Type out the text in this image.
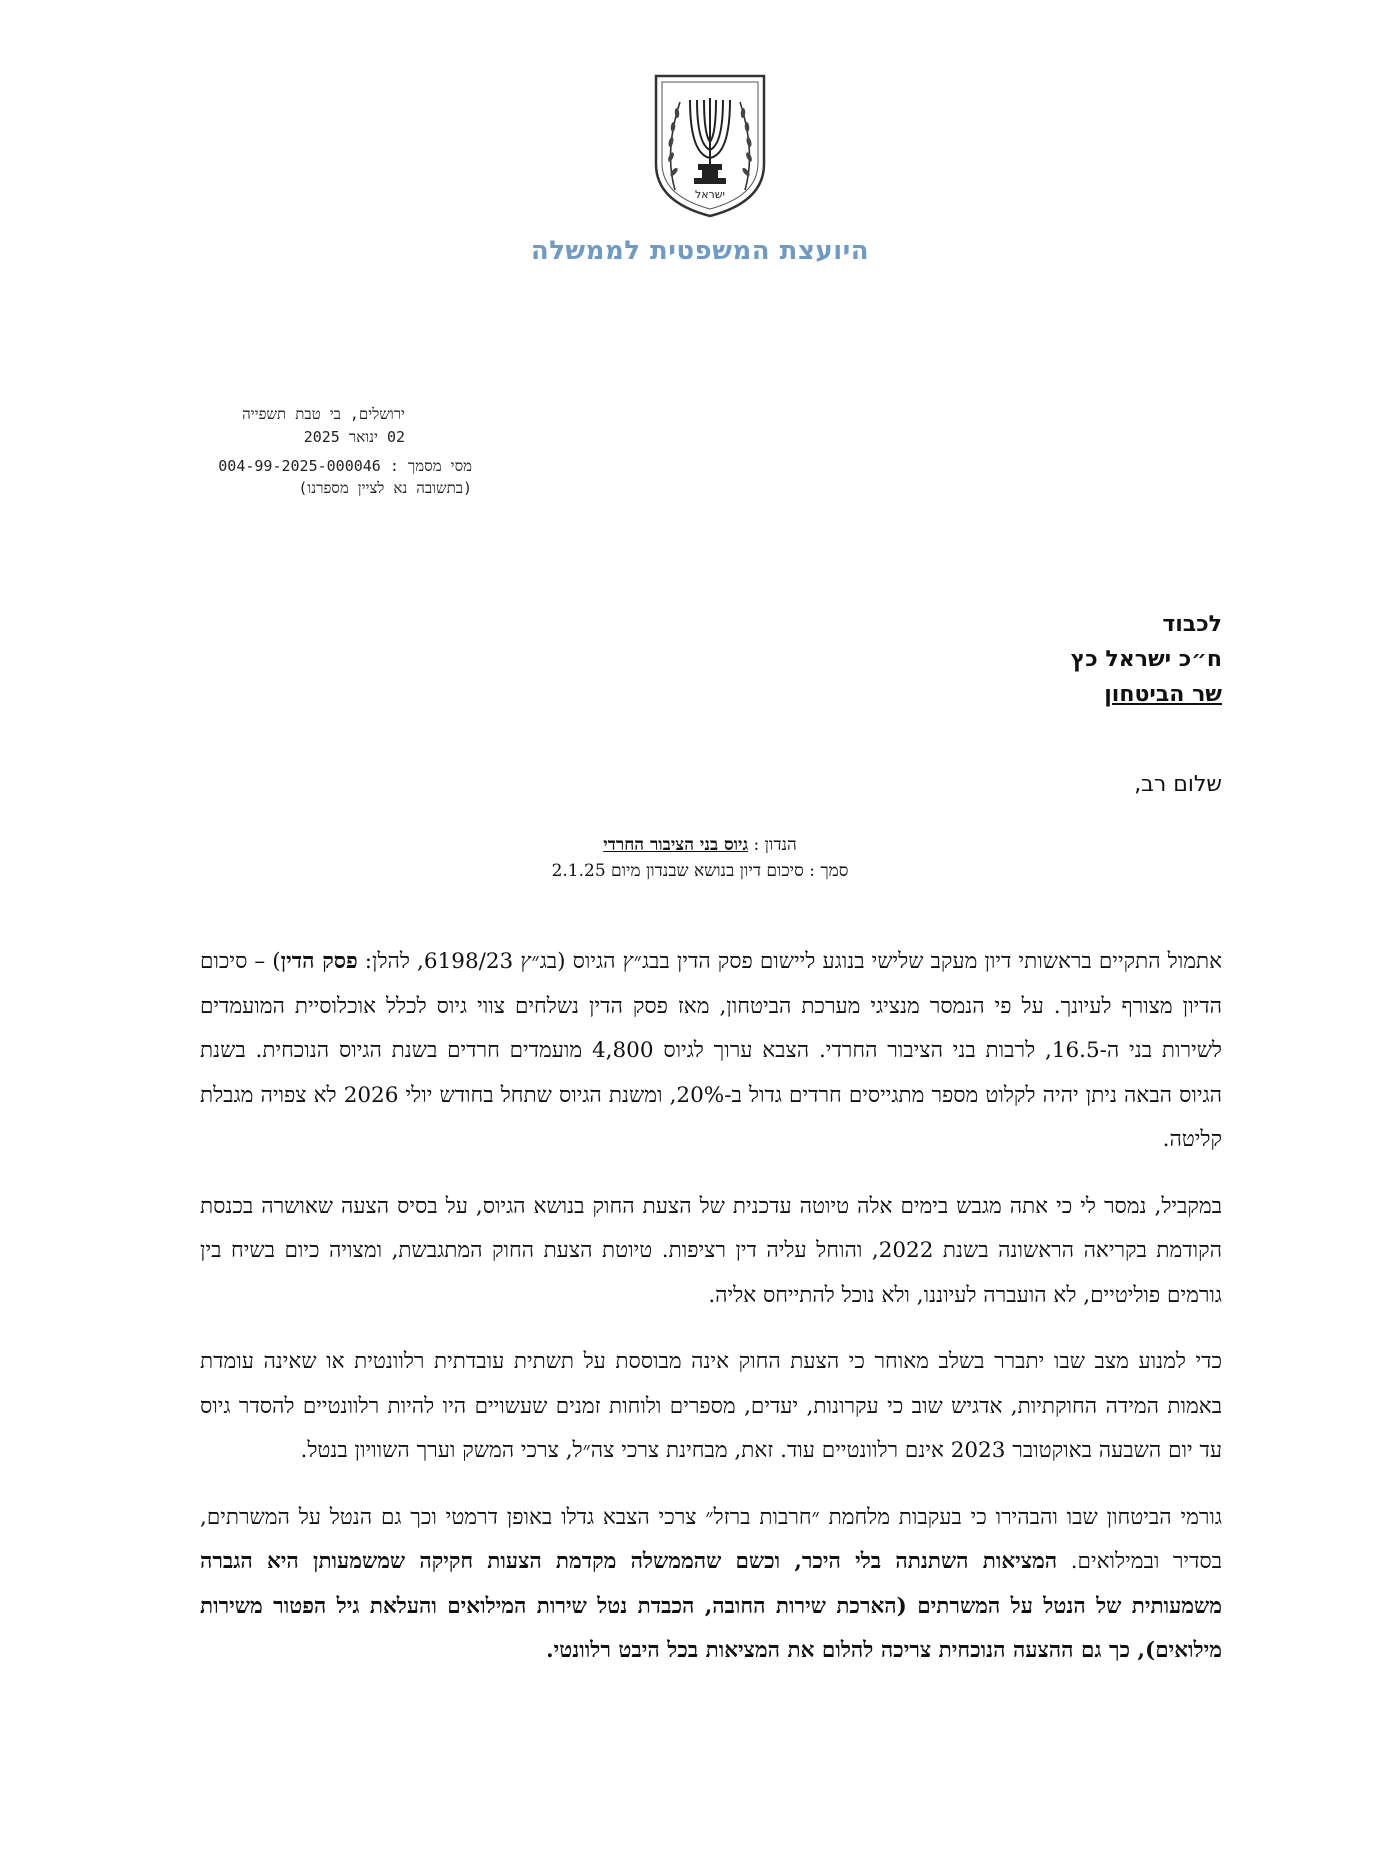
ישראל
היועצת המשפטית לממשלה
ירושלים, בי טבת תשפייה
02 ינואר 2025
מסי מסמך : 004-99-2025-000046
(בתשובה נא לציין מספרנו)
לכבוד
ח״כ ישראל כץ
שר הביטחון
שלום רב,
הנדון : גיוס בני הציבור החרדי
סמך : סיכום דיון בנושא שבנדון מיום 2.1.25

אתמול התקיים בראשותי דיון מעקב שלישי בנוגע ליישום פסק הדין בבג״ץ הגיוס (בג״ץ 6198/23, להלן: פסק הדין) – סיכום הדיון מצורף לעיונך. על פי הנמסר מנציגי מערכת הביטחון, מאז פסק הדין נשלחים צווי גיוס לכלל אוכלוסיית המועמדים לשירות בני ה-16.5, לרבות בני הציבור החרדי. הצבא ערוך לגיוס 4,800 מועמדים חרדים בשנת הגיוס הנוכחית. בשנת הגיוס הבאה ניתן יהיה לקלוט מספר מתגייסים חרדים גדול ב-20%, ומשנת הגיוס שתחל בחודש יולי 2026 לא צפויה מגבלת קליטה.

במקביל, נמסר לי כי אתה מגבש בימים אלה טיוטה עדכנית של הצעת החוק בנושא הגיוס, על בסיס הצעה שאושרה בכנסת הקודמת בקריאה הראשונה בשנת 2022, והוחל עליה דין רציפות. טיוטת הצעת החוק המתגבשת, ומצויה כיום בשיח בין גורמים פוליטיים, לא הועברה לעיוננו, ולא נוכל להתייחס אליה.

כדי למנוע מצב שבו יתברר בשלב מאוחר כי הצעת החוק אינה מבוססת על תשתית עובדתית רלוונטית או שאינה עומדת באמות המידה החוקתיות, אדגיש שוב כי עקרונות, יעדים, מספרים ולוחות זמנים שעשויים היו להיות רלוונטיים להסדר גיוס עד יום השבעה באוקטובר 2023 אינם רלוונטיים עוד. זאת, מבחינת צרכי צה״ל, צרכי המשק וערך השוויון בנטל.

גורמי הביטחון שבו והבהירו כי בעקבות מלחמת ״חרבות ברזל״ צרכי הצבא גדלו באופן דרמטי וכך גם הנטל על המשרתים, בסדיר ובמילואים. המציאות השתנתה בלי היכר, וכשם שהממשלה מקדמת הצעות חקיקה שמשמעותן היא הגברה משמעותית של הנטל על המשרתים (הארכת שירות החובה, הכבדת נטל שירות המילואים והעלאת גיל הפטור משירות מילואים), כך גם ההצעה הנוכחית צריכה להלום את המציאות בכל היבט רלוונטי.
